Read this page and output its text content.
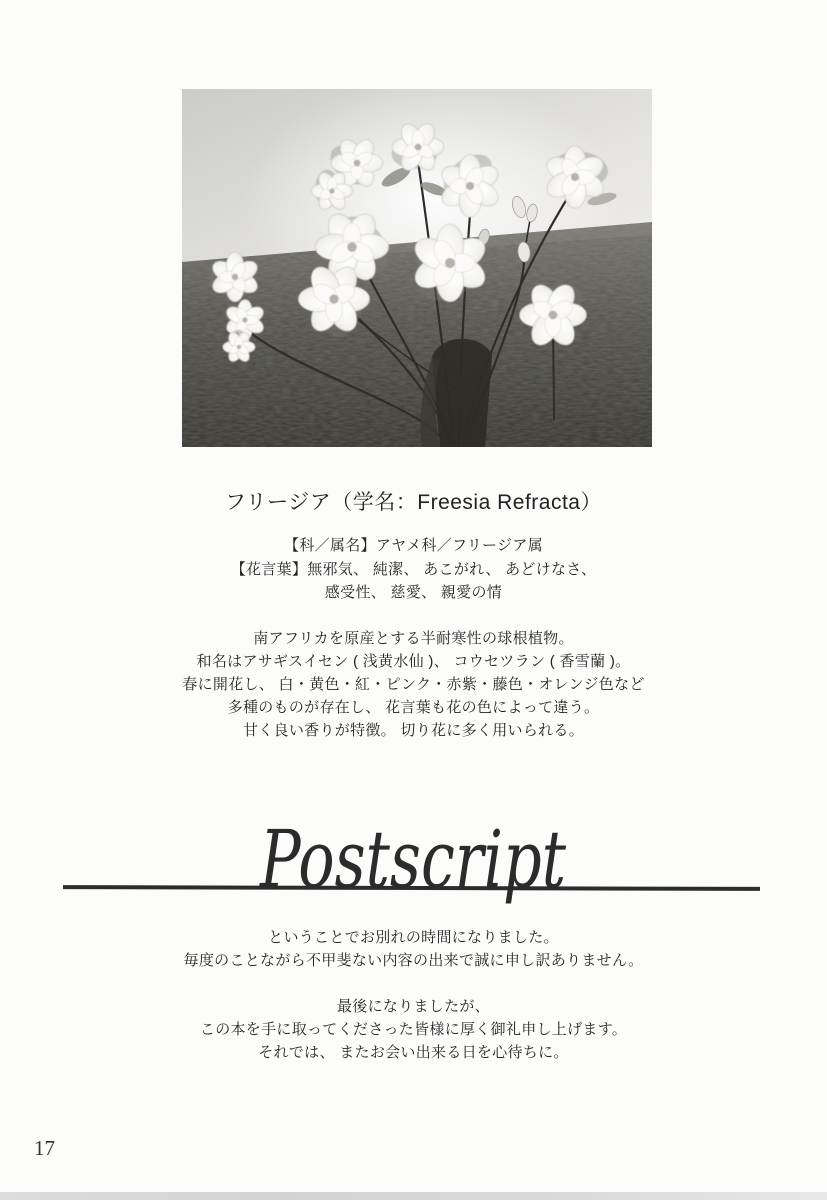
フリージア（学名：Freesia Refracta）
【科／属名】アヤメ科／フリージア属
【花言葉】無邪気、 純潔、 あこがれ、 あどけなさ、
感受性、 慈愛、 親愛の情
南アフリカを原産とする半耐寒性の球根植物。
和名はアサギスイセン ( 浅黄水仙 )、 コウセツラン ( 香雪蘭 )。
春に開花し、 白・黄色・紅・ピンク・赤紫・藤色・オレンジ色など
多種のものが存在し、 花言葉も花の色によって違う。
甘く良い香りが特徴。 切り花に多く用いられる。
Postscript
ということでお別れの時間になりました。
毎度のことながら不甲斐ない内容の出来で誠に申し訳ありません。
最後になりましたが、
この本を手に取ってくださった皆様に厚く御礼申し上げます。
それでは、 またお会い出来る日を心待ちに。
17
